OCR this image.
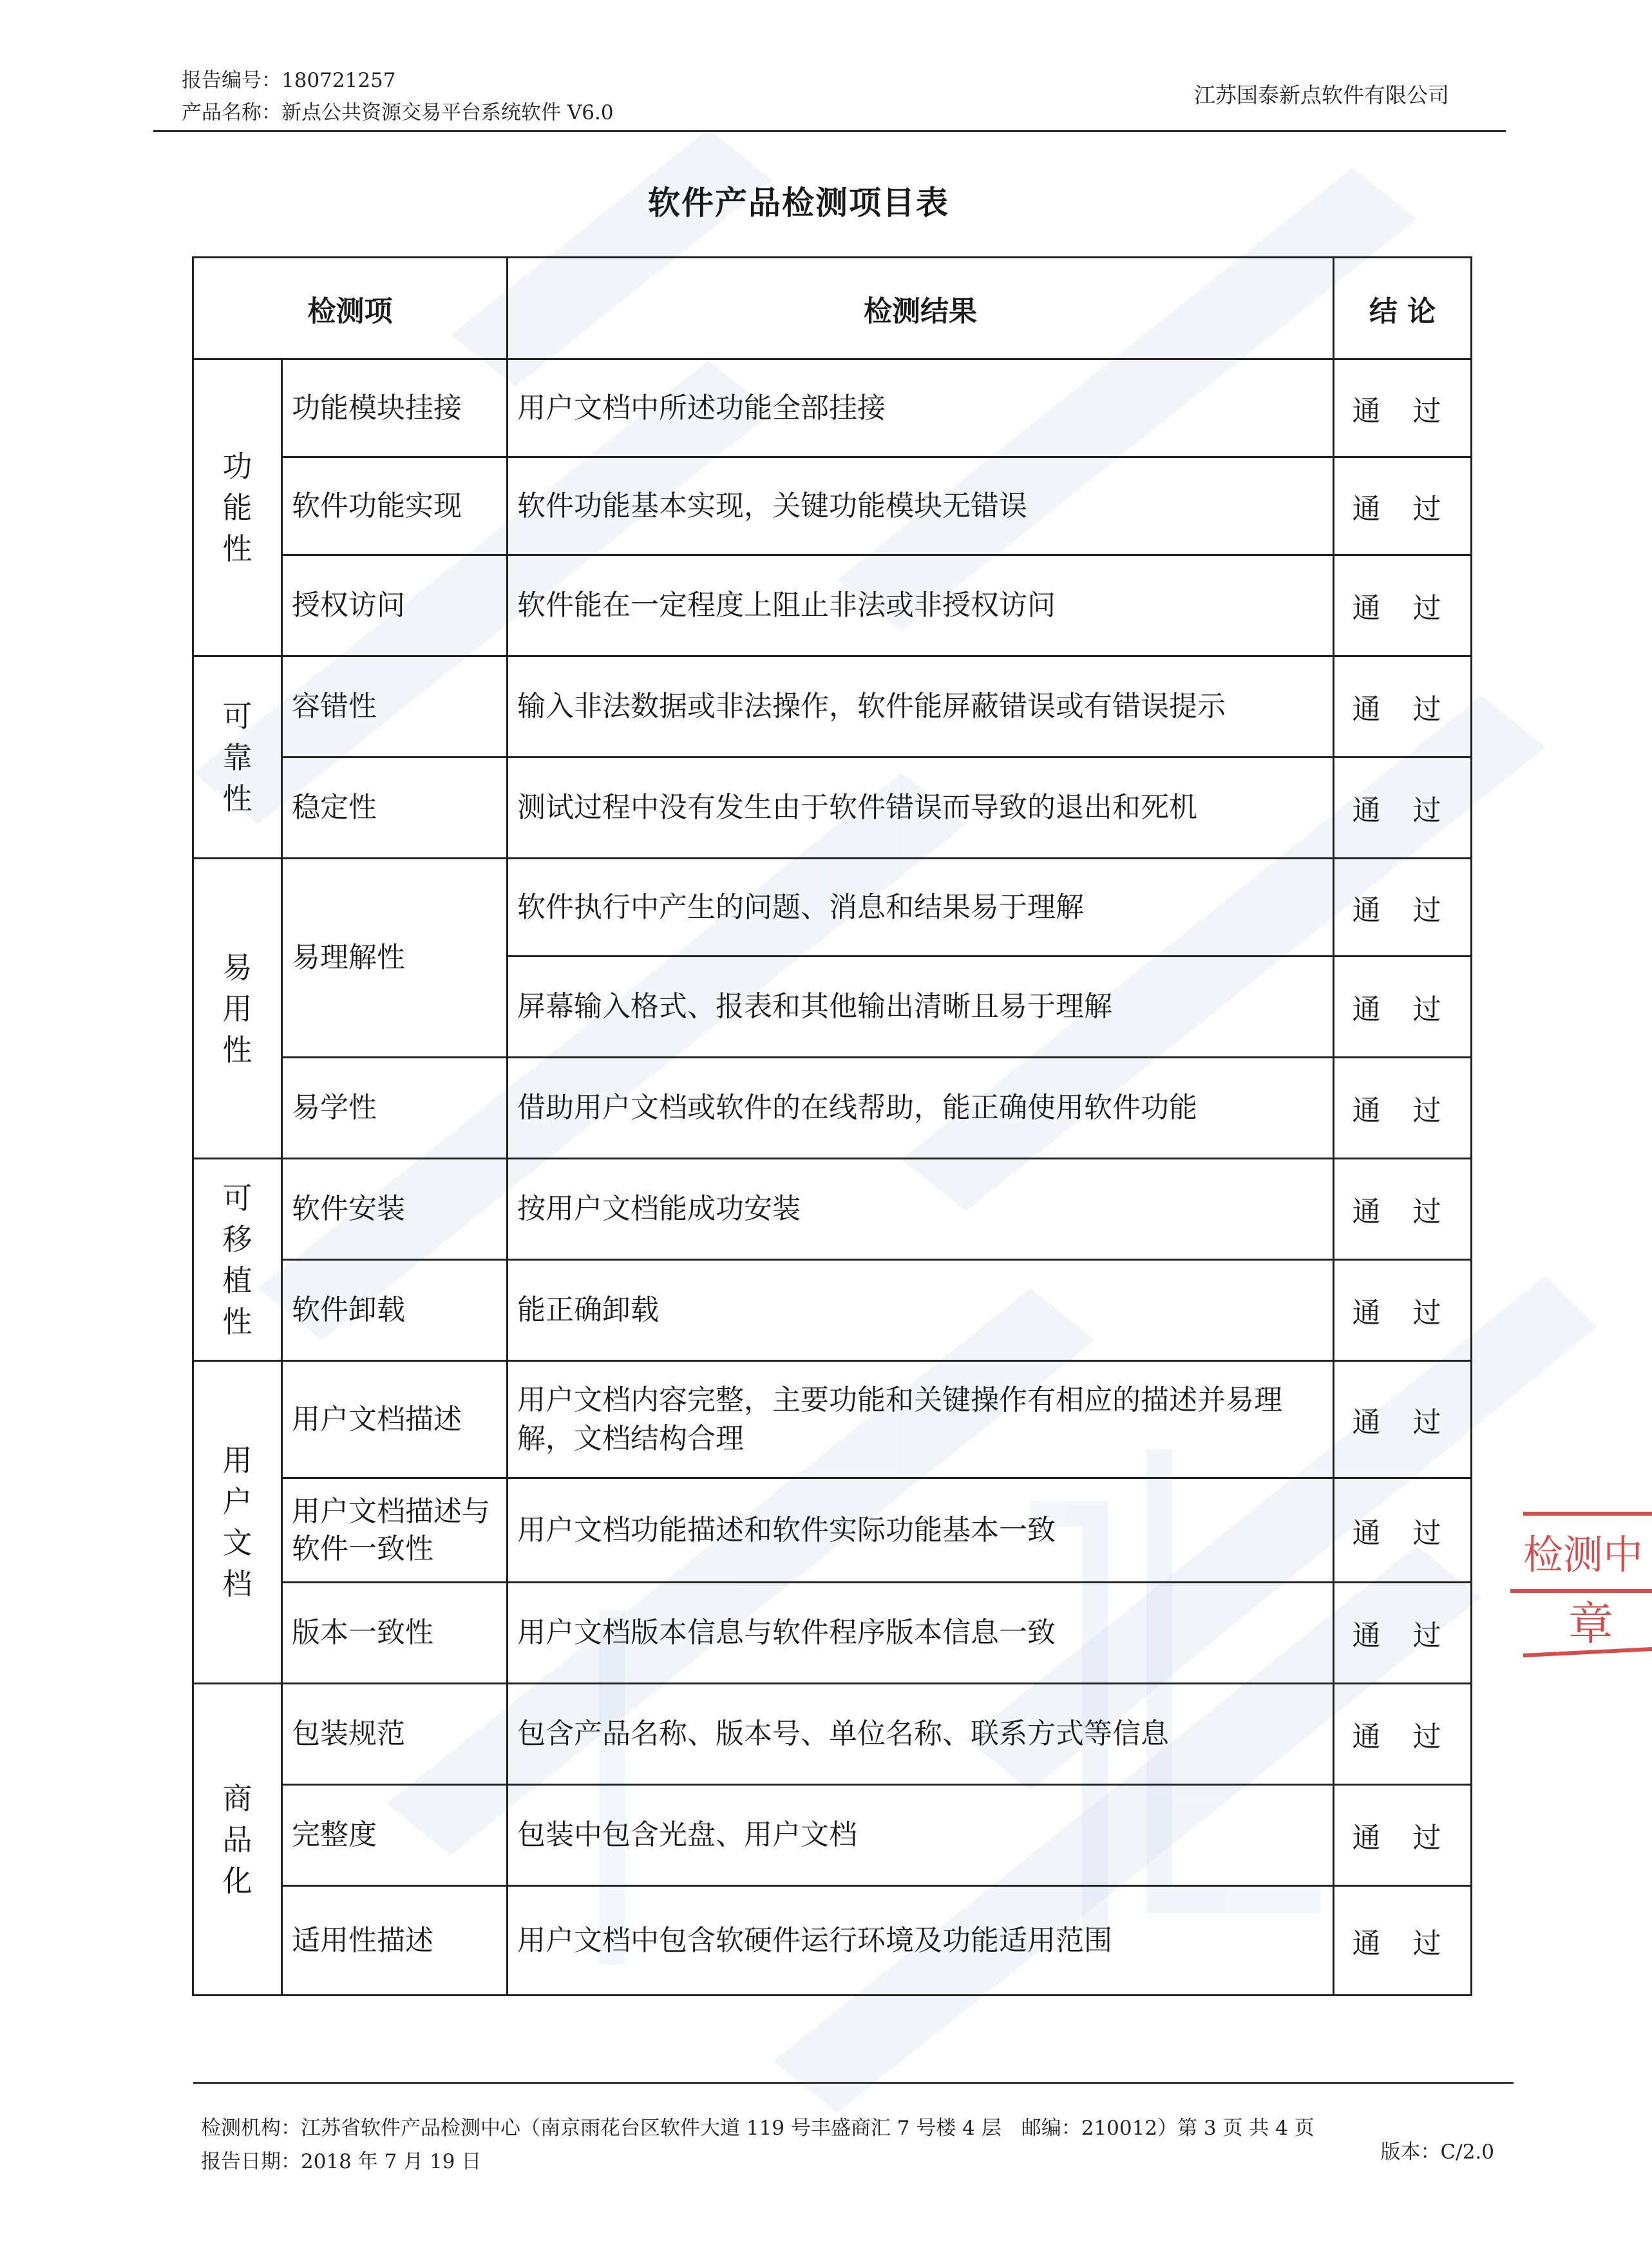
报告编号：180721257
产品名称：新点公共资源交易平台系统软件 V6.0
江苏国泰新点软件有限公司
软件产品检测项目表
检测项		检测结果	结 论
功
能
性	功能模块挂接	用户文档中所述功能全部挂接	通 过
	软件功能实现	软件功能基本实现，关键功能模块无错误	通 过
	授权访问	软件能在一定程度上阻止非法或非授权访问	通 过
可
靠
性	容错性	输入非法数据或非法操作，软件能屏蔽错误或有错误提示	通 过
	稳定性	测试过程中没有发生由于软件错误而导致的退出和死机	通 过
易
用
性	易理解性	软件执行中产生的问题、消息和结果易于理解	通 过
		屏幕输入格式、报表和其他输出清晰且易于理解	通 过
	易学性	借助用户文档或软件的在线帮助，能正确使用软件功能	通 过
可
移
植
性	软件安装	按用户文档能成功安装	通 过
	软件卸载	能正确卸载	通 过
用
户
文
档	用户文档描述	用户文档内容完整，主要功能和关键操作有相应的描述并易理解，文档结构合理	通 过
	用户文档描述与软件一致性	用户文档功能描述和软件实际功能基本一致	通 过
	版本一致性	用户文档版本信息与软件程序版本信息一致	通 过
商
品
化	包装规范	包含产品名称、版本号、单位名称、联系方式等信息	通 过
	完整度	包装中包含光盘、用户文档	通 过
	适用性描述	用户文档中包含软硬件运行环境及功能适用范围	通 过
检测中
章
检测机构：江苏省软件产品检测中心（南京雨花台区软件大道 119 号丰盛商汇 7 号楼 4 层　邮编：210012）第 3 页 共 4 页
报告日期：2018 年 7 月 19 日	版本：C/2.0
